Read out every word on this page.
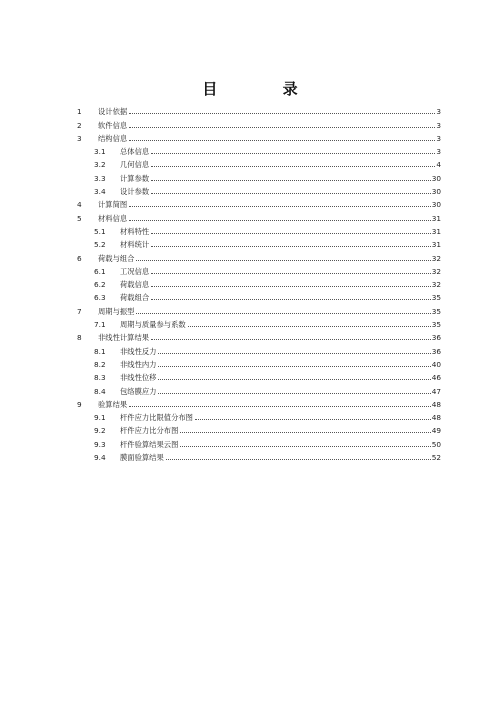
目 录
1	设计依据	3
2	软件信息	3
3	结构信息	3
3.1	总体信息	3
3.2	几何信息	4
3.3	计算参数	30
3.4	设计参数	30
4	计算简图	30
5	材料信息	31
5.1	材料特性	31
5.2	材料统计	31
6	荷载与组合	32
6.1	工况信息	32
6.2	荷载信息	32
6.3	荷载组合	35
7	周期与振型	35
7.1	周期与质量参与系数	35
8	非线性计算结果	36
8.1	非线性反力	36
8.2	非线性内力	40
8.3	非线性位移	46
8.4	包络膜应力	47
9	验算结果	48
9.1	杆件应力比限值分布图	48
9.2	杆件应力比分布图	49
9.3	杆件验算结果云图	50
9.4	膜面验算结果	52
